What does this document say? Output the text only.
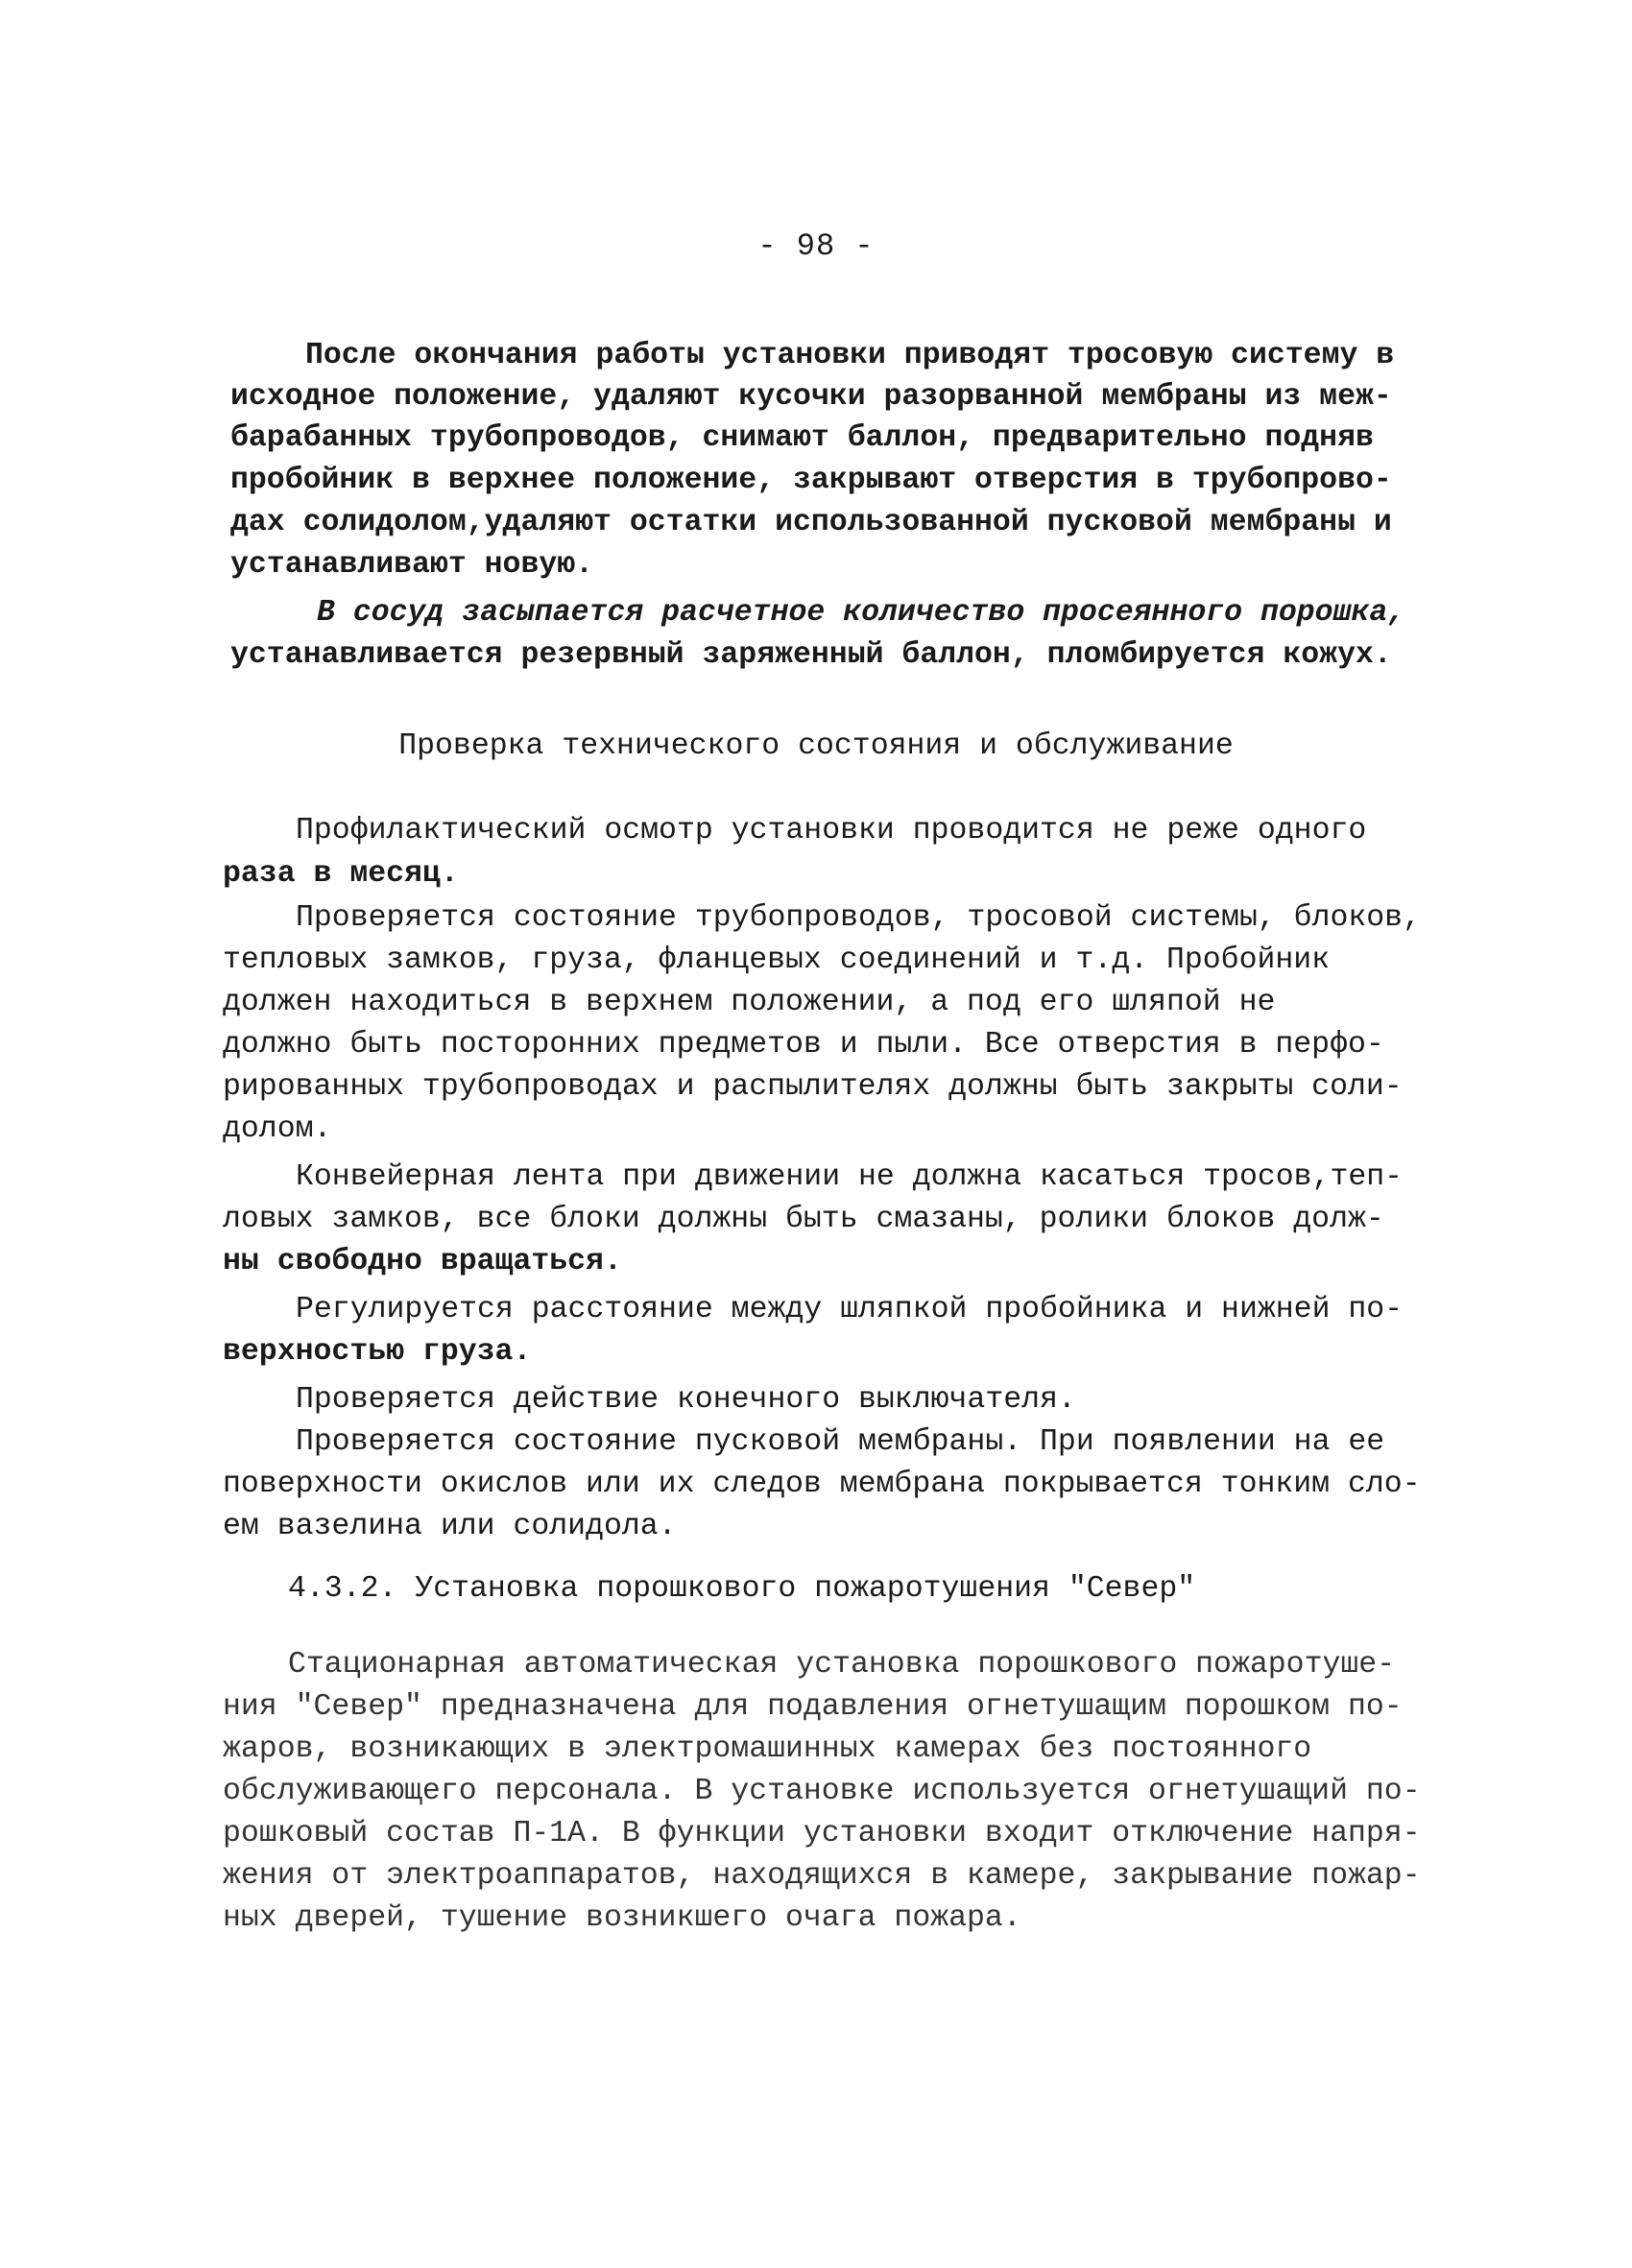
- 98 -
Поcле окончания работы установки приводят тросовую систему в
исходное положение, удаляют кусочки разорванной мембраны из меж-
барабанных трубопроводов, снимают баллон, предварительно подняв
пробойник в верхнее положение, закрывают отверстия в трубопрово-
дах солидолом,удаляют остатки использованной пусковой мембраны и
устанавливают новую.
В сосуд засыпается расчетное количество просеянного порошка,
устанавливается резервный заряженный баллон, пломбируется кожух.
Проверка технического состояния и обслуживание
Профилактический осмотр установки проводится не реже одного
раза в месяц.
Проверяется состояние трубопроводов, тросовой системы, блоков,
тепловых замков, груза, фланцевых соединений и т.д. Пробойник
должен находиться в верхнем положении, а под его шляпой не
должно быть посторонних предметов и пыли. Все отверстия в перфо-
рированных трубопроводах и распылителях должны быть закрыты соли-
долом.
Конвейерная лента при движении не должна касаться тросов,теп-
ловых замков, все блоки должны быть смазаны, ролики блоков долж-
ны свободно вращаться.
Регулируется расстояние между шляпкой пробойника и нижней по-
верхностью груза.
Проверяется действие конечного выключателя.
Проверяется состояние пусковой мембраны. При появлении на ее
поверхности окислов или их следов мембрана покрывается тонким сло-
ем вазелина или солидола.
4.3.2. Установка порошкового пожаротушения "Север"
Стационарная автоматическая установка порошкового пожаротуше-
ния "Север" предназначена для подавления огнетушащим порошком по-
жаров, возникающих в электромашинных камерах без постоянного
обслуживающего персонала. В установке используется огнетушащий по-
рошковый состав П-1А. В функции установки входит отключение напря-
жения от электроаппаратов, находящихся в камере, закрывание пожар-
ных дверей, тушение возникшего очага пожара.
